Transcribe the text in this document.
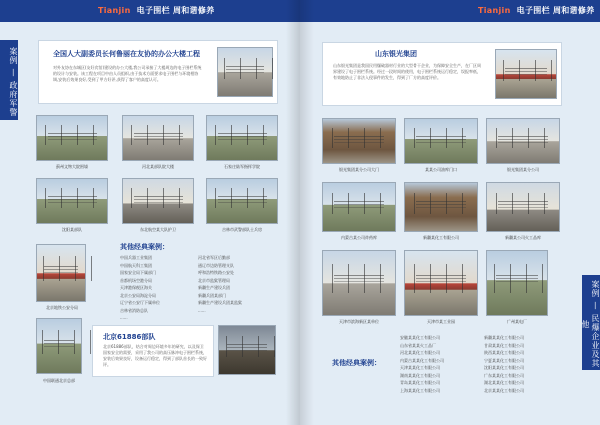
Tianjin 电子围栏 周和谐修养
案例 — 政府军警	全国人大副委员长何鲁丽在友协的办公大楼工程
对外友协在东城区(友好宾馆)建设的办公大楼,我公司承接了大楼周边的电子围栏系统的设计与安装。该工程在项目中由人员组织,由于技术方面要求电子围栏与环境相协调,安装后效果良好,受到了甲方好评,获得了客户的高度认可。
蓟州文物大院围墙	河北某部队院大楼	石家庄陆军指挥学院
沈阳某部队	东北航空某大队护卫	吉林市武警部队士兵房
北京地铁公安分局
其他经典案例：
中国兵器工业集团
中国航天科工集团
国家安全局下属部门
首都机场空港分局
天津港保税区海关
北京公安局海淀分局
辽宁省公安厅下属单位
吉林省消防总队
......
河北省军区后勤部
通辽市边防管理支队
呼和浩特铁路公安处
北京市监狱管理局
新疆生产建设兵团
新疆兵团某部门
新疆生产建设兵团某监狱
......
北京61886部队
北京61886部队，结合对周边环境多年的研究，以及保卫国家安全的需要，采用了我公司的高压脉冲电子围栏系统，安装后效果良好，设备运行稳定，得到了部队首长的一致好评。
中国联通北京总部
Tianjin 电子围栏 周和谐修养
山东银光集团
山东银光集团是我国民用爆破器材行业的大型骨干企业，为保障安全生产，在厂区周界建设了电子围栏系统。经过一段时间的使用，电子围栏系统运行稳定，误报率低，有效地防止了非法入侵事件的发生，得到了厂方的高度评价。
银光集团某分公司大门	某某公司油库门口	银光集团某分公司
内蒙古某公司炸药库	新疆某化工有限公司	新疆某公司火工品库
天津市滨海新区某单位	天津市某工业园	广州某电厂
其他经典案例：
安徽某某化工有限公司
山东省某某火工品厂
河北某某化工有限公司
内蒙古某某化工有限公司
天津某某化工有限公司
湖南某某化工有限公司
青岛某某化工有限公司
上海某某化工有限公司
新疆某某化工有限公司
甘肃某某化工有限公司
陕西某某化工有限公司
宁夏某某化工有限公司
沈阳某某化工有限公司
广东某某化工有限公司
湖北某某化工有限公司
北京某某化工有限公司
案例 — 民爆企业及其他
